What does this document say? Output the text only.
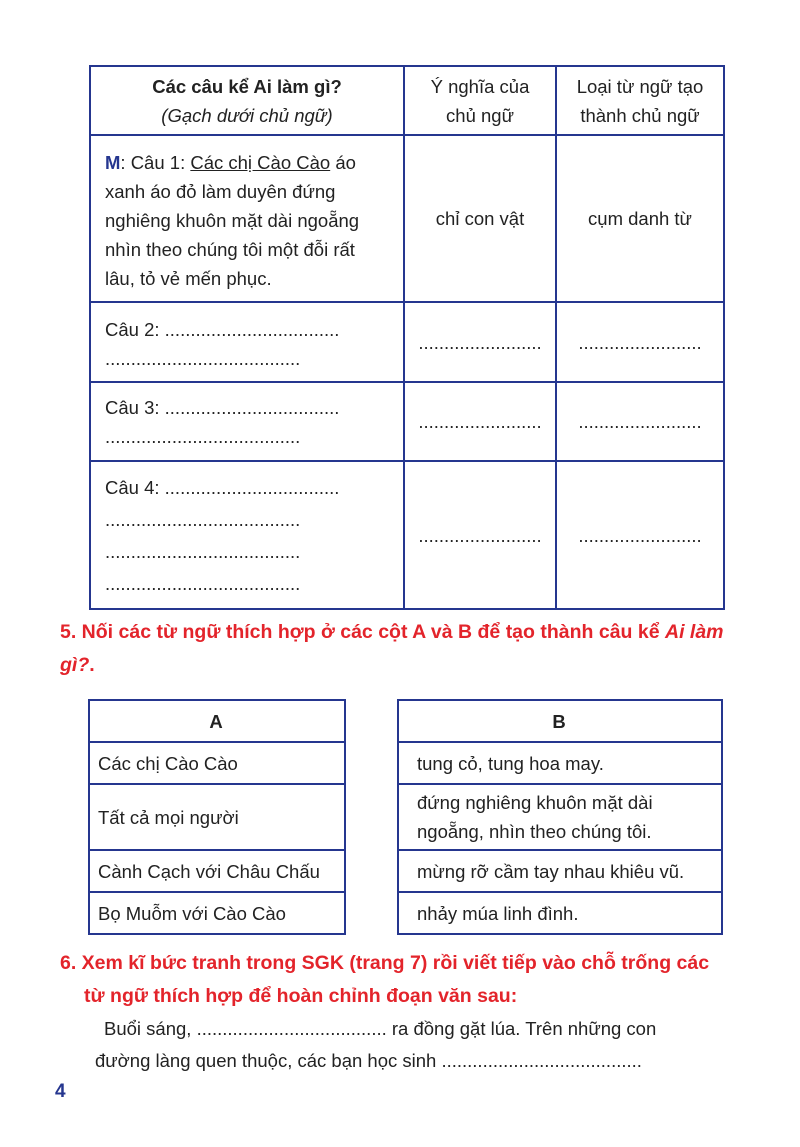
Các câu kể Ai làm gì?
(Gạch dưới chủ ngữ)	Ý nghĩa của chủ ngữ	Loại từ ngữ tạo thành chủ ngữ

M: Câu 1: Các chị Cào Cào áo xanh áo đỏ làm duyên đứng nghiêng khuôn mặt dài ngoẵng nhìn theo chúng tôi một đỗi rất lâu, tỏ vẻ mến phục.	chỉ con vật	cụm danh từ

Câu 2: ..................................
......................................	........................	........................

Câu 3: ..................................
......................................	........................	........................

Câu 4: ..................................
......................................
......................................
......................................	........................	........................
5. Nối các từ ngữ thích hợp ở các cột A và B để tạo thành câu kể Ai làm gì?.
A
Các chị Cào Cào
Tất cả mọi người
Cành Cạch với Châu Chấu
Bọ Muỗm với Cào Cào
B
tung cỏ, tung hoa may.
đứng nghiêng khuôn mặt dài ngoẵng, nhìn theo chúng tôi.
mừng rỡ cầm tay nhau khiêu vũ.
nhảy múa linh đình.
6. Xem kĩ bức tranh trong SGK (trang 7) rồi viết tiếp vào chỗ trống các
từ ngữ thích hợp để hoàn chỉnh đoạn văn sau:
Buổi sáng, ..................................... ra đồng gặt lúa. Trên những con
đường làng quen thuộc, các bạn học sinh .......................................
4
